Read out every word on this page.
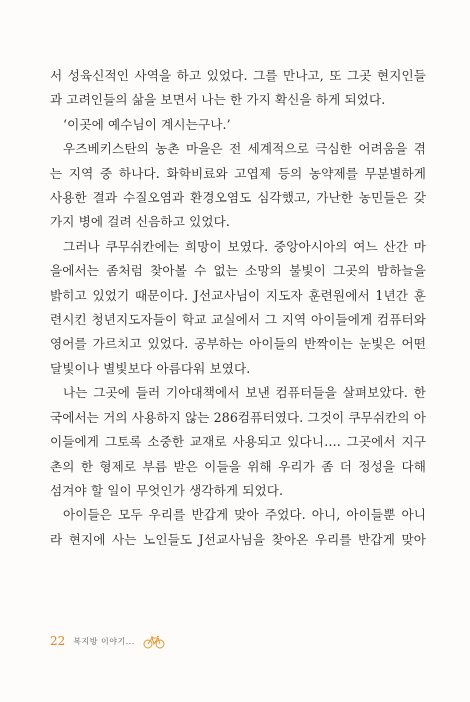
서 성육신적인 사역을 하고 있었다. 그를 만나고, 또 그곳 현지인들
과 고려인들의 삶을 보면서 나는 한 가지 확신을 하게 되었다.

‘이곳에 예수님이 계시는구나.’

우즈베키스탄의 농촌 마을은 전 세계적으로 극심한 어려움을 겪
는 지역 중 하나다. 화학비료와 고엽제 등의 농약제를 무분별하게
사용한 결과 수질오염과 환경오염도 심각했고, 가난한 농민들은 갖
가지 병에 걸려 신음하고 있었다.

그러나 쿠무쉬칸에는 희망이 보였다. 중앙아시아의 여느 산간 마
을에서는 좀처럼 찾아볼 수 없는 소망의 불빛이 그곳의 밤하늘을
밝히고 있었기 때문이다. J선교사님이 지도자 훈련원에서 1년간 훈
련시킨 청년지도자들이 학교 교실에서 그 지역 아이들에게 컴퓨터와
영어를 가르치고 있었다. 공부하는 아이들의 반짝이는 눈빛은 어떤
달빛이나 별빛보다 아름다워 보였다.

나는 그곳에 들러 기아대책에서 보낸 컴퓨터들을 살펴보았다. 한
국에서는 거의 사용하지 않는 286컴퓨터였다. 그것이 쿠무쉬칸의 아
이들에게 그토록 소중한 교재로 사용되고 있다니…. 그곳에서 지구
촌의 한 형제로 부름 받은 이들을 위해 우리가 좀 더 정성을 다해
섬겨야 할 일이 무엇인가 생각하게 되었다.

아이들은 모두 우리를 반갑게 맞아 주었다. 아니, 아이들뿐 아니
라 현지에 사는 노인들도 J선교사님을 찾아온 우리를 반갑게 맞아

22 복지방 이야기...
